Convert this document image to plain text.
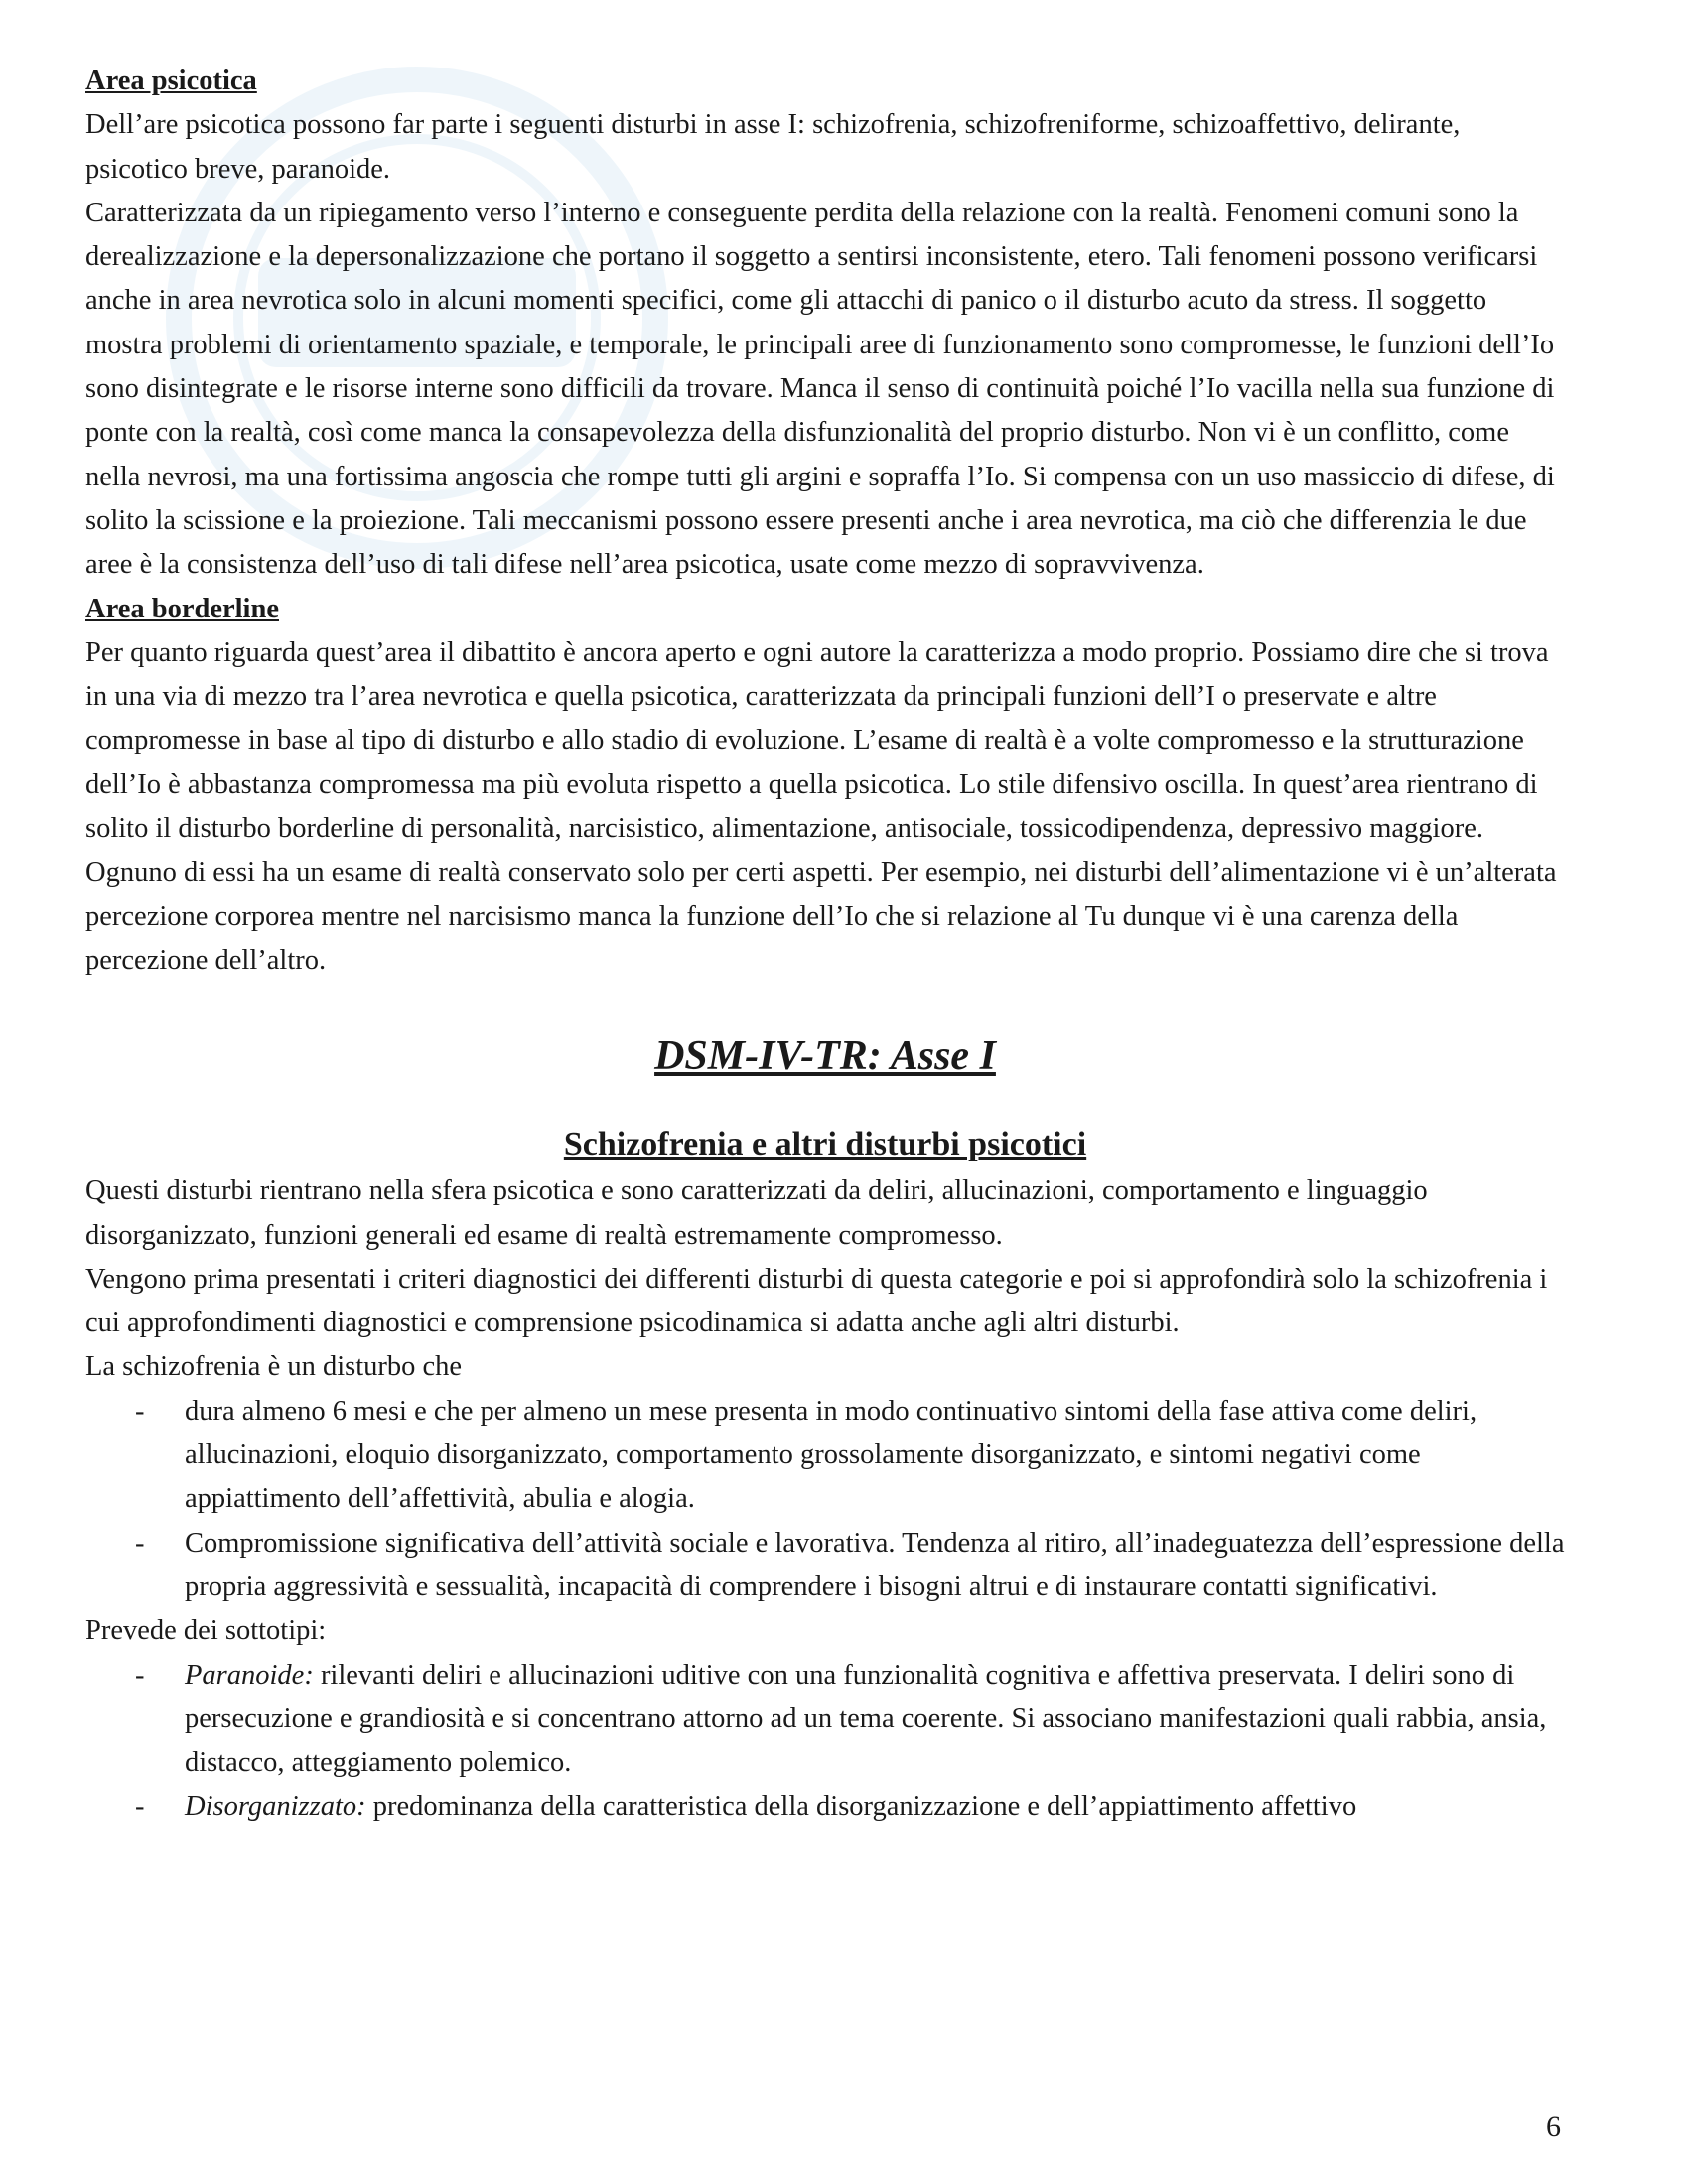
Area psicotica

Dell’are psicotica possono far parte i seguenti disturbi in asse I: schizofrenia, schizofreniforme, schizoaffettivo, delirante, psicotico breve, paranoide.

Caratterizzata da un ripiegamento verso l’interno e conseguente perdita della relazione con la realtà. Fenomeni comuni sono la derealizzazione e la depersonalizzazione che portano il soggetto a sentirsi inconsistente, etero. Tali fenomeni possono verificarsi anche in area nevrotica solo in alcuni momenti specifici, come gli attacchi di panico o il disturbo acuto da stress. Il soggetto mostra problemi di orientamento spaziale, e temporale, le principali aree di funzionamento sono compromesse, le funzioni dell’Io sono disintegrate e le risorse interne sono difficili da trovare. Manca il senso di continuità poiché l’Io vacilla nella sua funzione di ponte con la realtà, così come manca la consapevolezza della disfunzionalità del proprio disturbo. Non vi è un conflitto, come nella nevrosi, ma una fortissima angoscia che rompe tutti gli argini e sopraffa l’Io. Si compensa con un uso massiccio di difese, di solito la scissione e la proiezione. Tali meccanismi possono essere presenti anche i area nevrotica, ma ciò che differenzia le due aree è la consistenza dell’uso di tali difese nell’area psicotica, usate come mezzo di sopravvivenza.

Area borderline

Per quanto riguarda quest’area il dibattito è ancora aperto e ogni autore la caratterizza a modo proprio. Possiamo dire che si trova in una via di mezzo tra l’area nevrotica e quella psicotica, caratterizzata da principali funzioni dell’I o preservate e altre compromesse in base al tipo di disturbo e allo stadio di evoluzione. L’esame di realtà è a volte compromesso e la strutturazione dell’Io è abbastanza compromessa ma più evoluta rispetto a quella psicotica. Lo stile difensivo oscilla. In quest’area rientrano di solito il disturbo borderline di personalità, narcisistico, alimentazione, antisociale, tossicodipendenza, depressivo maggiore. Ognuno di essi ha un esame di realtà conservato solo per certi aspetti. Per esempio, nei disturbi dell’alimentazione vi è un’alterata percezione corporea mentre nel narcisismo manca la funzione dell’Io che si relazione al Tu dunque vi è una carenza della percezione dell’altro.

DSM-IV-TR: Asse I
Schizofrenia e altri disturbi psicotici

Questi disturbi rientrano nella sfera psicotica e sono caratterizzati da deliri, allucinazioni, comportamento e linguaggio disorganizzato, funzioni generali ed esame di realtà estremamente compromesso.

Vengono prima presentati i criteri diagnostici dei differenti disturbi di questa categorie e poi si approfondirà solo la schizofrenia i cui approfondimenti diagnostici e comprensione psicodinamica si adatta anche agli altri disturbi.

La schizofrenia è un disturbo che

- dura almeno 6 mesi e che per almeno un mese presenta in modo continuativo sintomi della fase attiva come deliri, allucinazioni, eloquio disorganizzato, comportamento grossolamente disorganizzato, e sintomi negativi come appiattimento dell’affettività, abulia e alogia.
- Compromissione significativa dell’attività sociale e lavorativa. Tendenza al ritiro, all’inadeguatezza dell’espressione della propria aggressività e sessualità, incapacità di comprendere i bisogni altrui e di instaurare contatti significativi.

Prevede dei sottotipi:

- Paranoide: rilevanti deliri e allucinazioni uditive con una funzionalità cognitiva e affettiva preservata. I deliri sono di persecuzione e grandiosità e si concentrano attorno ad un tema coerente. Si associano manifestazioni quali rabbia, ansia, distacco, atteggiamento polemico.
- Disorganizzato: predominanza della caratteristica della disorganizzazione e dell’appiattimento affettivo
6
